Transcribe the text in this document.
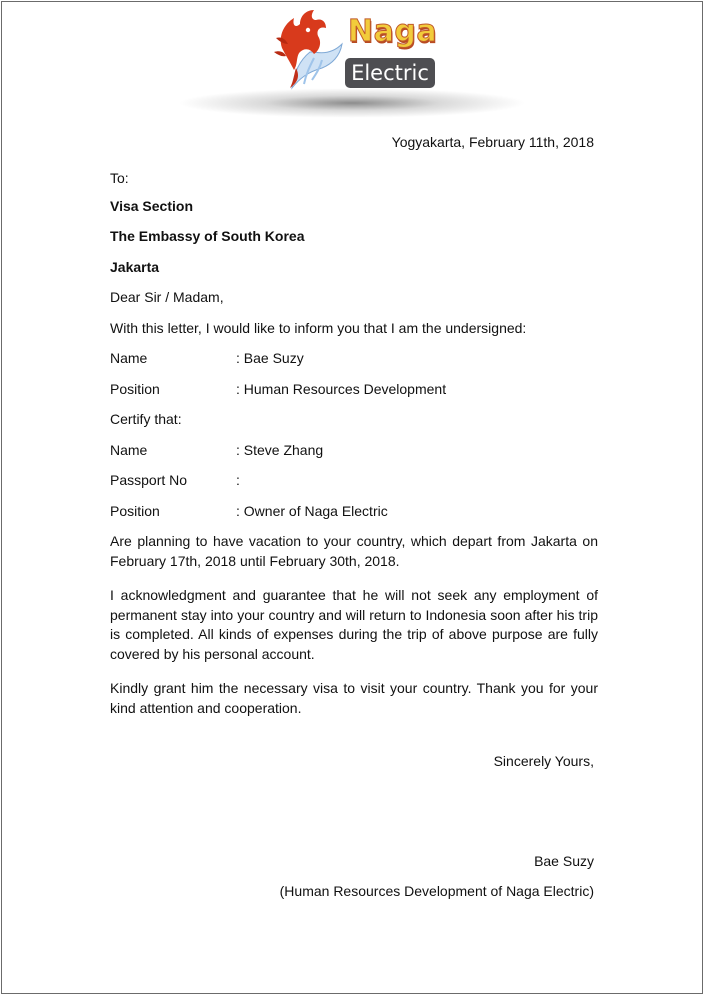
Naga
Electric
Yogyakarta, February 11th, 2018
To:
Visa Section
The Embassy of South Korea
Jakarta
Dear Sir / Madam,
With this letter, I would like to inform you that I am the undersigned:
Name	: Bae Suzy
Position	: Human Resources Development
Certify that:
Name	: Steve Zhang
Passport No	:
Position	: Owner of Naga Electric
Are planning to have vacation to your country, which depart from Jakarta on February 17th, 2018 until February 30th, 2018.
I acknowledgment and guarantee that he will not seek any employment of permanent stay into your country and will return to Indonesia soon after his trip is completed. All kinds of expenses during the trip of above purpose are fully covered by his personal account.
Kindly grant him the necessary visa to visit your country. Thank you for your kind attention and cooperation.
Sincerely Yours,
Bae Suzy
(Human Resources Development of Naga Electric)
